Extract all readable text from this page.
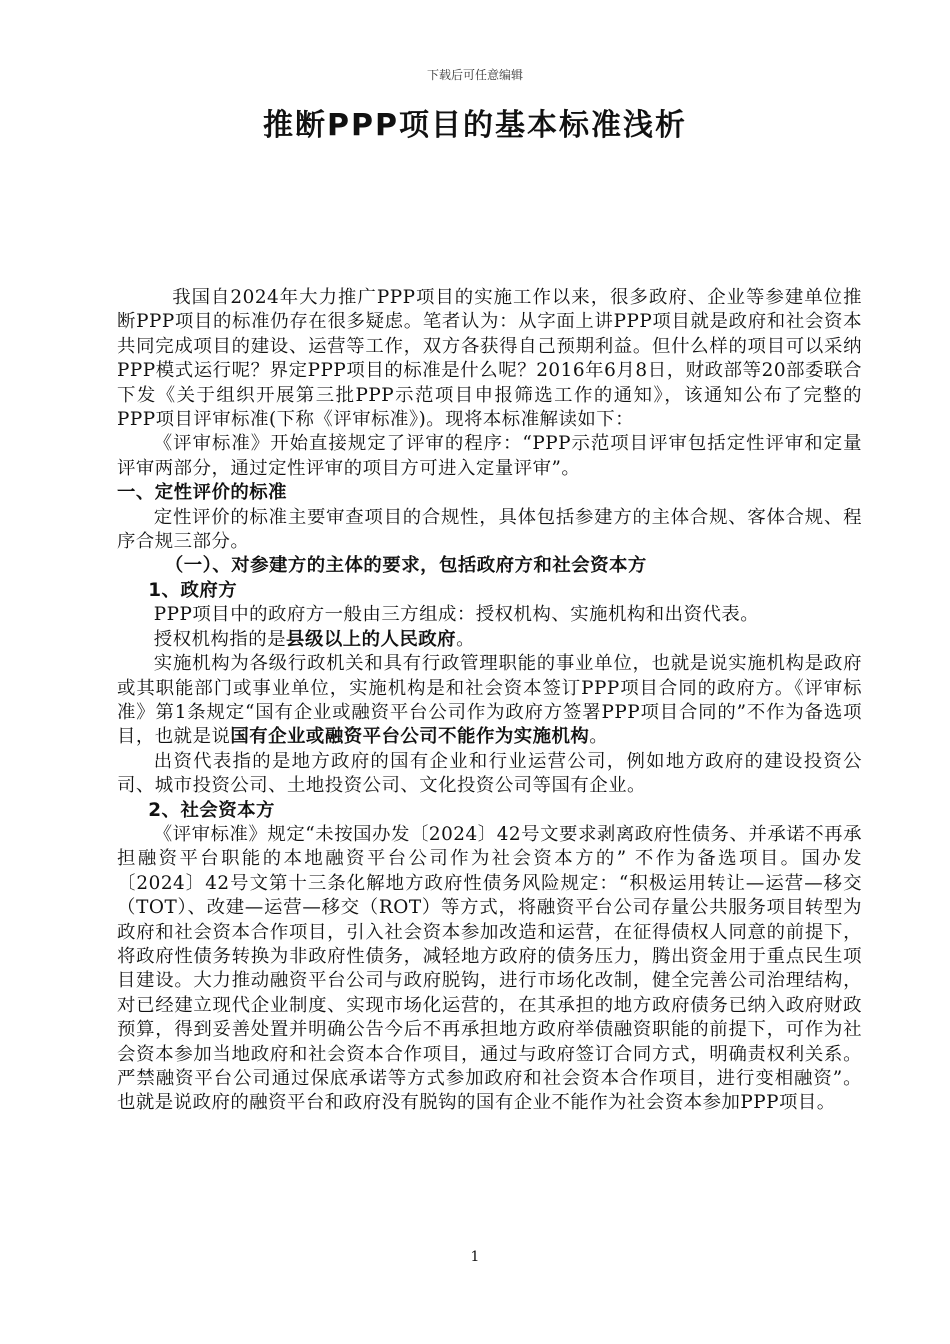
下载后可任意编辑
推断PPP项目的基本标准浅析

我国自2024年大力推广PPP项目的实施工作以来，很多政府、企业等参建单位推断PPP项目的标准仍存在很多疑虑。笔者认为：从字面上讲PPP项目就是政府和社会资本共同完成项目的建设、运营等工作，双方各获得自己预期利益。但什么样的项目可以采纳PPP模式运行呢？界定PPP项目的标准是什么呢？2016年6月8日，财政部等20部委联合下发《关于组织开展第三批PPP示范项目申报筛选工作的通知》，该通知公布了完整的PPP项目评审标准(下称《评审标准》)。现将本标准解读如下：

《评审标准》开始直接规定了评审的程序：“PPP示范项目评审包括定性评审和定量评审两部分，通过定性评审的项目方可进入定量评审”。

一、定性评价的标准

定性评价的标准主要审查项目的合规性，具体包括参建方的主体合规、客体合规、程序合规三部分。

（一）、对参建方的主体的要求，包括政府方和社会资本方

1、政府方

PPP项目中的政府方一般由三方组成：授权机构、实施机构和出资代表。

授权机构指的是县级以上的人民政府。

实施机构为各级行政机关和具有行政管理职能的事业单位，也就是说实施机构是政府或其职能部门或事业单位，实施机构是和社会资本签订PPP项目合同的政府方。《评审标准》第1条规定“国有企业或融资平台公司作为政府方签署PPP项目合同的”不作为备选项目，也就是说国有企业或融资平台公司不能作为实施机构。

出资代表指的是地方政府的国有企业和行业运营公司，例如地方政府的建设投资公司、城市投资公司、土地投资公司、文化投资公司等国有企业。

2、社会资本方

《评审标准》规定“未按国办发〔2024〕42号文要求剥离政府性债务、并承诺不再承担融资平台职能的本地融资平台公司作为社会资本方的” 不作为备选项目。国办发〔2024〕42号文第十三条化解地方政府性债务风险规定：“积极运用转让—运营—移交（TOT）、改建—运营—移交（ROT）等方式，将融资平台公司存量公共服务项目转型为政府和社会资本合作项目，引入社会资本参加改造和运营，在征得债权人同意的前提下，将政府性债务转换为非政府性债务，减轻地方政府的债务压力，腾出资金用于重点民生项目建设。大力推动融资平台公司与政府脱钩，进行市场化改制，健全完善公司治理结构，对已经建立现代企业制度、实现市场化运营的，在其承担的地方政府债务已纳入政府财政预算，得到妥善处置并明确公告今后不再承担地方政府举债融资职能的前提下，可作为社会资本参加当地政府和社会资本合作项目，通过与政府签订合同方式，明确责权利关系。严禁融资平台公司通过保底承诺等方式参加政府和社会资本合作项目，进行变相融资”。也就是说政府的融资平台和政府没有脱钩的国有企业不能作为社会资本参加PPP项目。

1
